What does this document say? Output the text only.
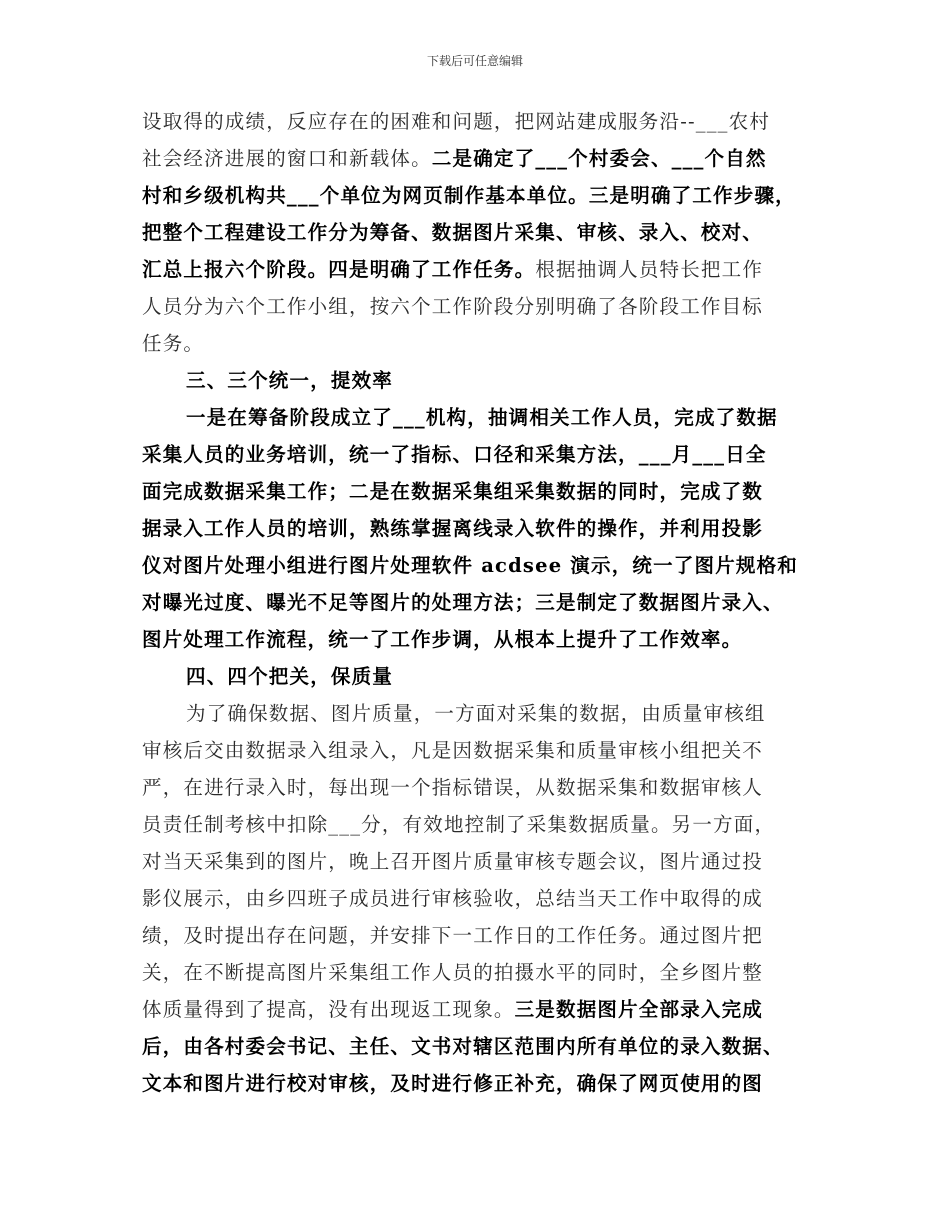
下载后可任意编辑
设取得的成绩，反应存在的困难和问题，把网站建成服务沿--___农村
社会经济进展的窗口和新载体。二是确定了___个村委会、___个自然
村和乡级机构共___个单位为网页制作基本单位。三是明确了工作步骤，
把整个工程建设工作分为筹备、数据图片采集、审核、录入、校对、
汇总上报六个阶段。四是明确了工作任务。根据抽调人员特长把工作
人员分为六个工作小组，按六个工作阶段分别明确了各阶段工作目标
任务。
三、三个统一，提效率
一是在筹备阶段成立了___机构，抽调相关工作人员，完成了数据
采集人员的业务培训，统一了指标、口径和采集方法，___月___日全
面完成数据采集工作；二是在数据采集组采集数据的同时，完成了数
据录入工作人员的培训，熟练掌握离线录入软件的操作，并利用投影
仪对图片处理小组进行图片处理软件 acdsee 演示，统一了图片规格和
对曝光过度、曝光不足等图片的处理方法；三是制定了数据图片录入、
图片处理工作流程，统一了工作步调，从根本上提升了工作效率。
四、四个把关，保质量
为了确保数据、图片质量，一方面对采集的数据，由质量审核组
审核后交由数据录入组录入，凡是因数据采集和质量审核小组把关不
严，在进行录入时，每出现一个指标错误，从数据采集和数据审核人
员责任制考核中扣除___分，有效地控制了采集数据质量。另一方面，
对当天采集到的图片，晚上召开图片质量审核专题会议，图片通过投
影仪展示，由乡四班子成员进行审核验收，总结当天工作中取得的成
绩，及时提出存在问题，并安排下一工作日的工作任务。通过图片把
关，在不断提高图片采集组工作人员的拍摄水平的同时，全乡图片整
体质量得到了提高，没有出现返工现象。三是数据图片全部录入完成
后，由各村委会书记、主任、文书对辖区范围内所有单位的录入数据、
文本和图片进行校对审核，及时进行修正补充，确保了网页使用的图
